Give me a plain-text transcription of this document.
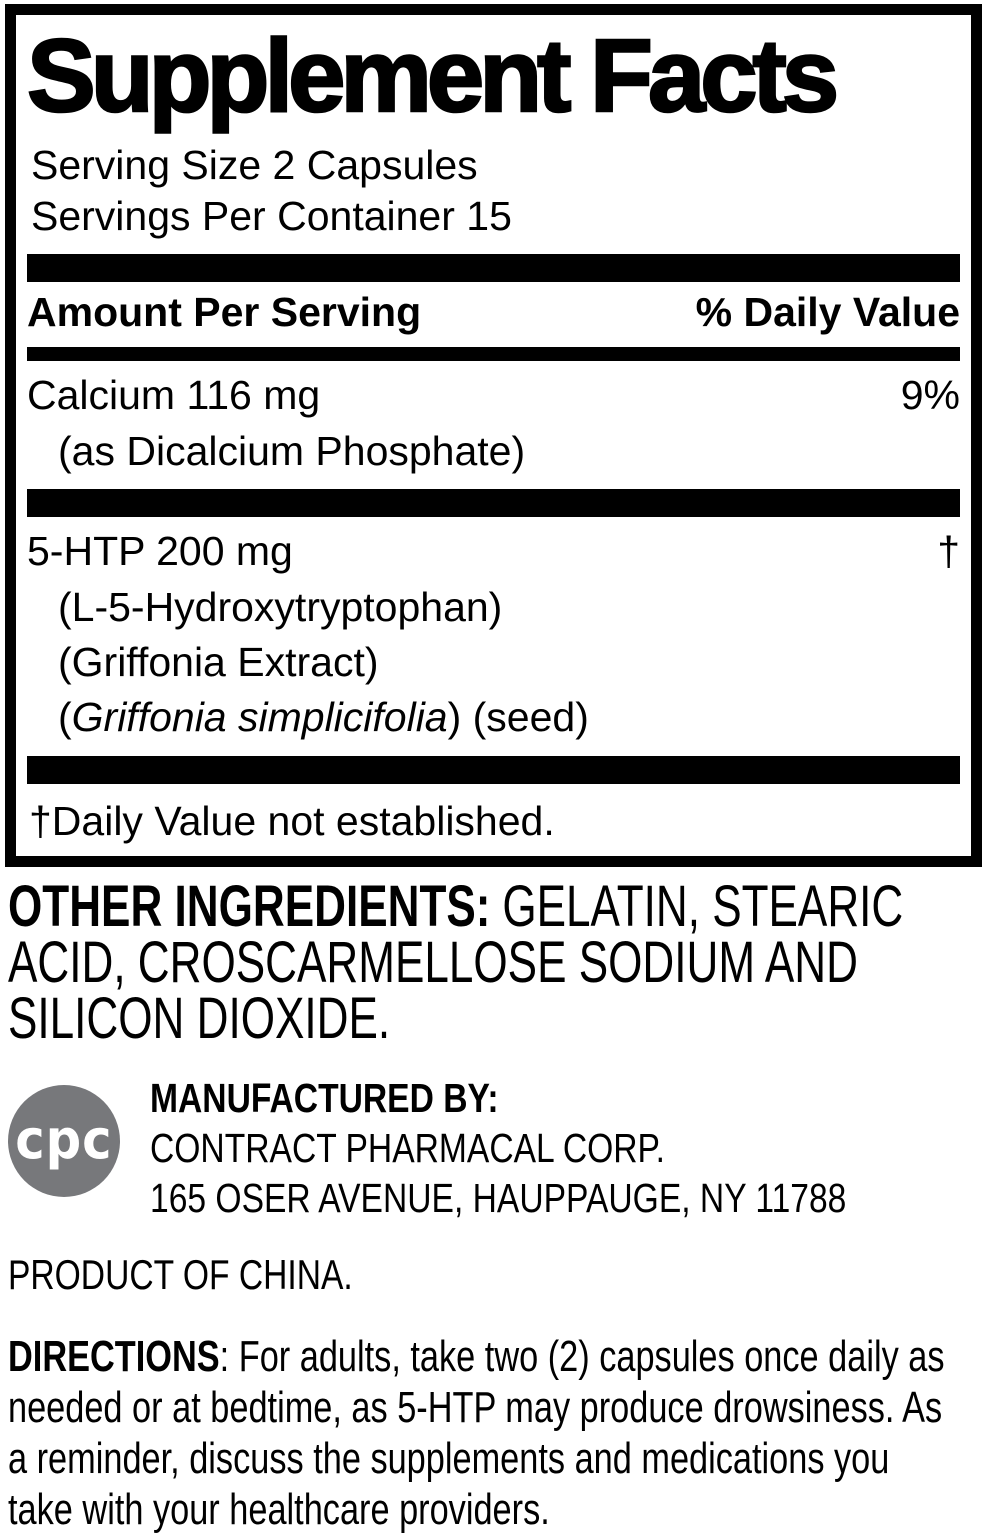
Supplement Facts
Serving Size 2 Capsules
Servings Per Container 15
Amount Per Serving	% Daily Value
Calcium 116 mg	9%
(as Dicalcium Phosphate)
5-HTP 200 mg	†
(L-5-Hydroxytryptophan)
(Griffonia Extract)
(Griffonia simplicifolia) (seed)
†Daily Value not established.
OTHER INGREDIENTS: GELATIN, STEARIC
ACID, CROSCARMELLOSE SODIUM AND
SILICON DIOXIDE.
cpc
MANUFACTURED BY:
CONTRACT PHARMACAL CORP.
165 OSER AVENUE, HAUPPAUGE, NY 11788
PRODUCT OF CHINA.
DIRECTIONS: For adults, take two (2) capsules once daily as
needed or at bedtime, as 5-HTP may produce drowsiness. As
a reminder, discuss the supplements and medications you
take with your healthcare providers.
